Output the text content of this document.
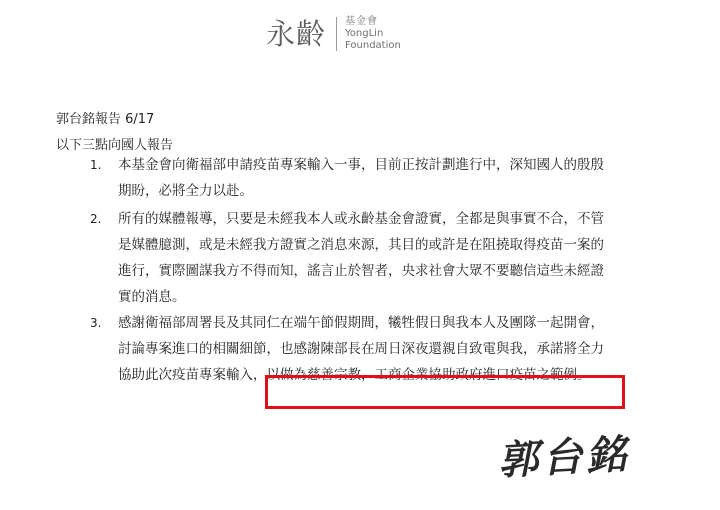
永齡 基金會
YongLin
Foundation
郭台銘報告 6/17
以下三點向國人報告
1. 本基金會向衛福部申請疫苗專案輸入一事，目前正按計劃進行中，深知國人的殷殷
期盼，必將全力以赴。
2. 所有的媒體報導，只要是未經我本人或永齡基金會證實，全都是與事實不合，不管
是媒體臆測，或是未經我方證實之消息來源，其目的或許是在阻撓取得疫苗一案的
進行，實際圖謀我方不得而知，謠言止於智者，央求社會大眾不要聽信這些未經證
實的消息。
3. 感謝衛福部周署長及其同仁在端午節假期間，犧牲假日與我本人及團隊一起開會，
討論專案進口的相關細節，也感謝陳部長在周日深夜還親自致電與我，承諾將全力
協助此次疫苗專案輸入，以做為慈善宗教，工商企業協助政府進口疫苗之範例。
郭台銘
